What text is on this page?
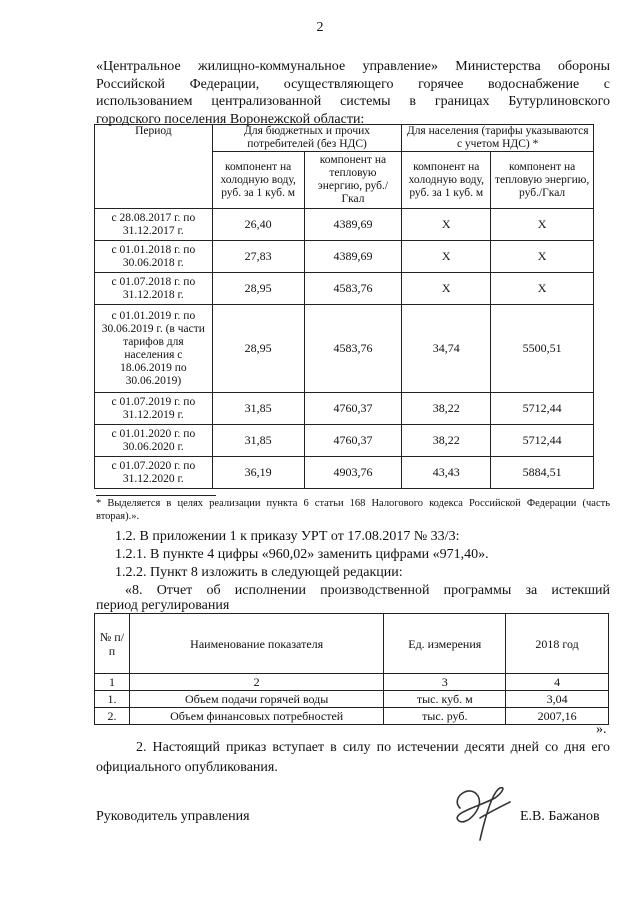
2
«Центральное жилищно-коммунальное управление» Министерства обороны
Российской Федерации, осуществляющего горячее водоснабжение с
использованием централизованной системы в границах Бутурлиновского
городского поселения Воронежской области:
Период	Для бюджетных и прочих потребителей (без НДС)		Для населения (тарифы указываются с учетом НДС) *	
	компонент на холодную воду, руб. за 1 куб. м	компонент на тепловую энергию, руб./Гкал	компонент на холодную воду, руб. за 1 куб. м	компонент на тепловую энергию, руб./Гкал
с 28.08.2017 г. по 31.12.2017 г.	26,40	4389,69	X	X
с 01.01.2018 г. по 30.06.2018 г.	27,83	4389,69	X	X
с 01.07.2018 г. по 31.12.2018 г.	28,95	4583,76	X	X
с 01.01.2019 г. по 30.06.2019 г. (в части тарифов для населения с 18.06.2019 по 30.06.2019)	28,95	4583,76	34,74	5500,51
с 01.07.2019 г. по 31.12.2019 г.	31,85	4760,37	38,22	5712,44
с 01.01.2020 г. по 30.06.2020 г.	31,85	4760,37	38,22	5712,44
с 01.07.2020 г. по 31.12.2020 г.	36,19	4903,76	43,43	5884,51
* Выделяется в целях реализации пункта 6 статьи 168 Налогового кодекса Российской Федерации (часть вторая).».
1.2. В приложении 1 к приказу УРТ от 17.08.2017 № 33/3:
1.2.1. В пункте 4 цифры «960,02» заменить цифрами «971,40».
1.2.2. Пункт 8 изложить в следующей редакции:
«8. Отчет об исполнении производственной программы за истекший
период регулирования
№ п/п	Наименование показателя	Ед. измерения	2018 год
1	2	3	4
1.	Объем подачи горячей воды	тыс. куб. м	3,04
2.	Объем финансовых потребностей	тыс. руб.	2007,16
».
2. Настоящий приказ вступает в силу по истечении десяти дней со дня его
официального опубликования.
Руководитель управления	Е.В. Бажанов
